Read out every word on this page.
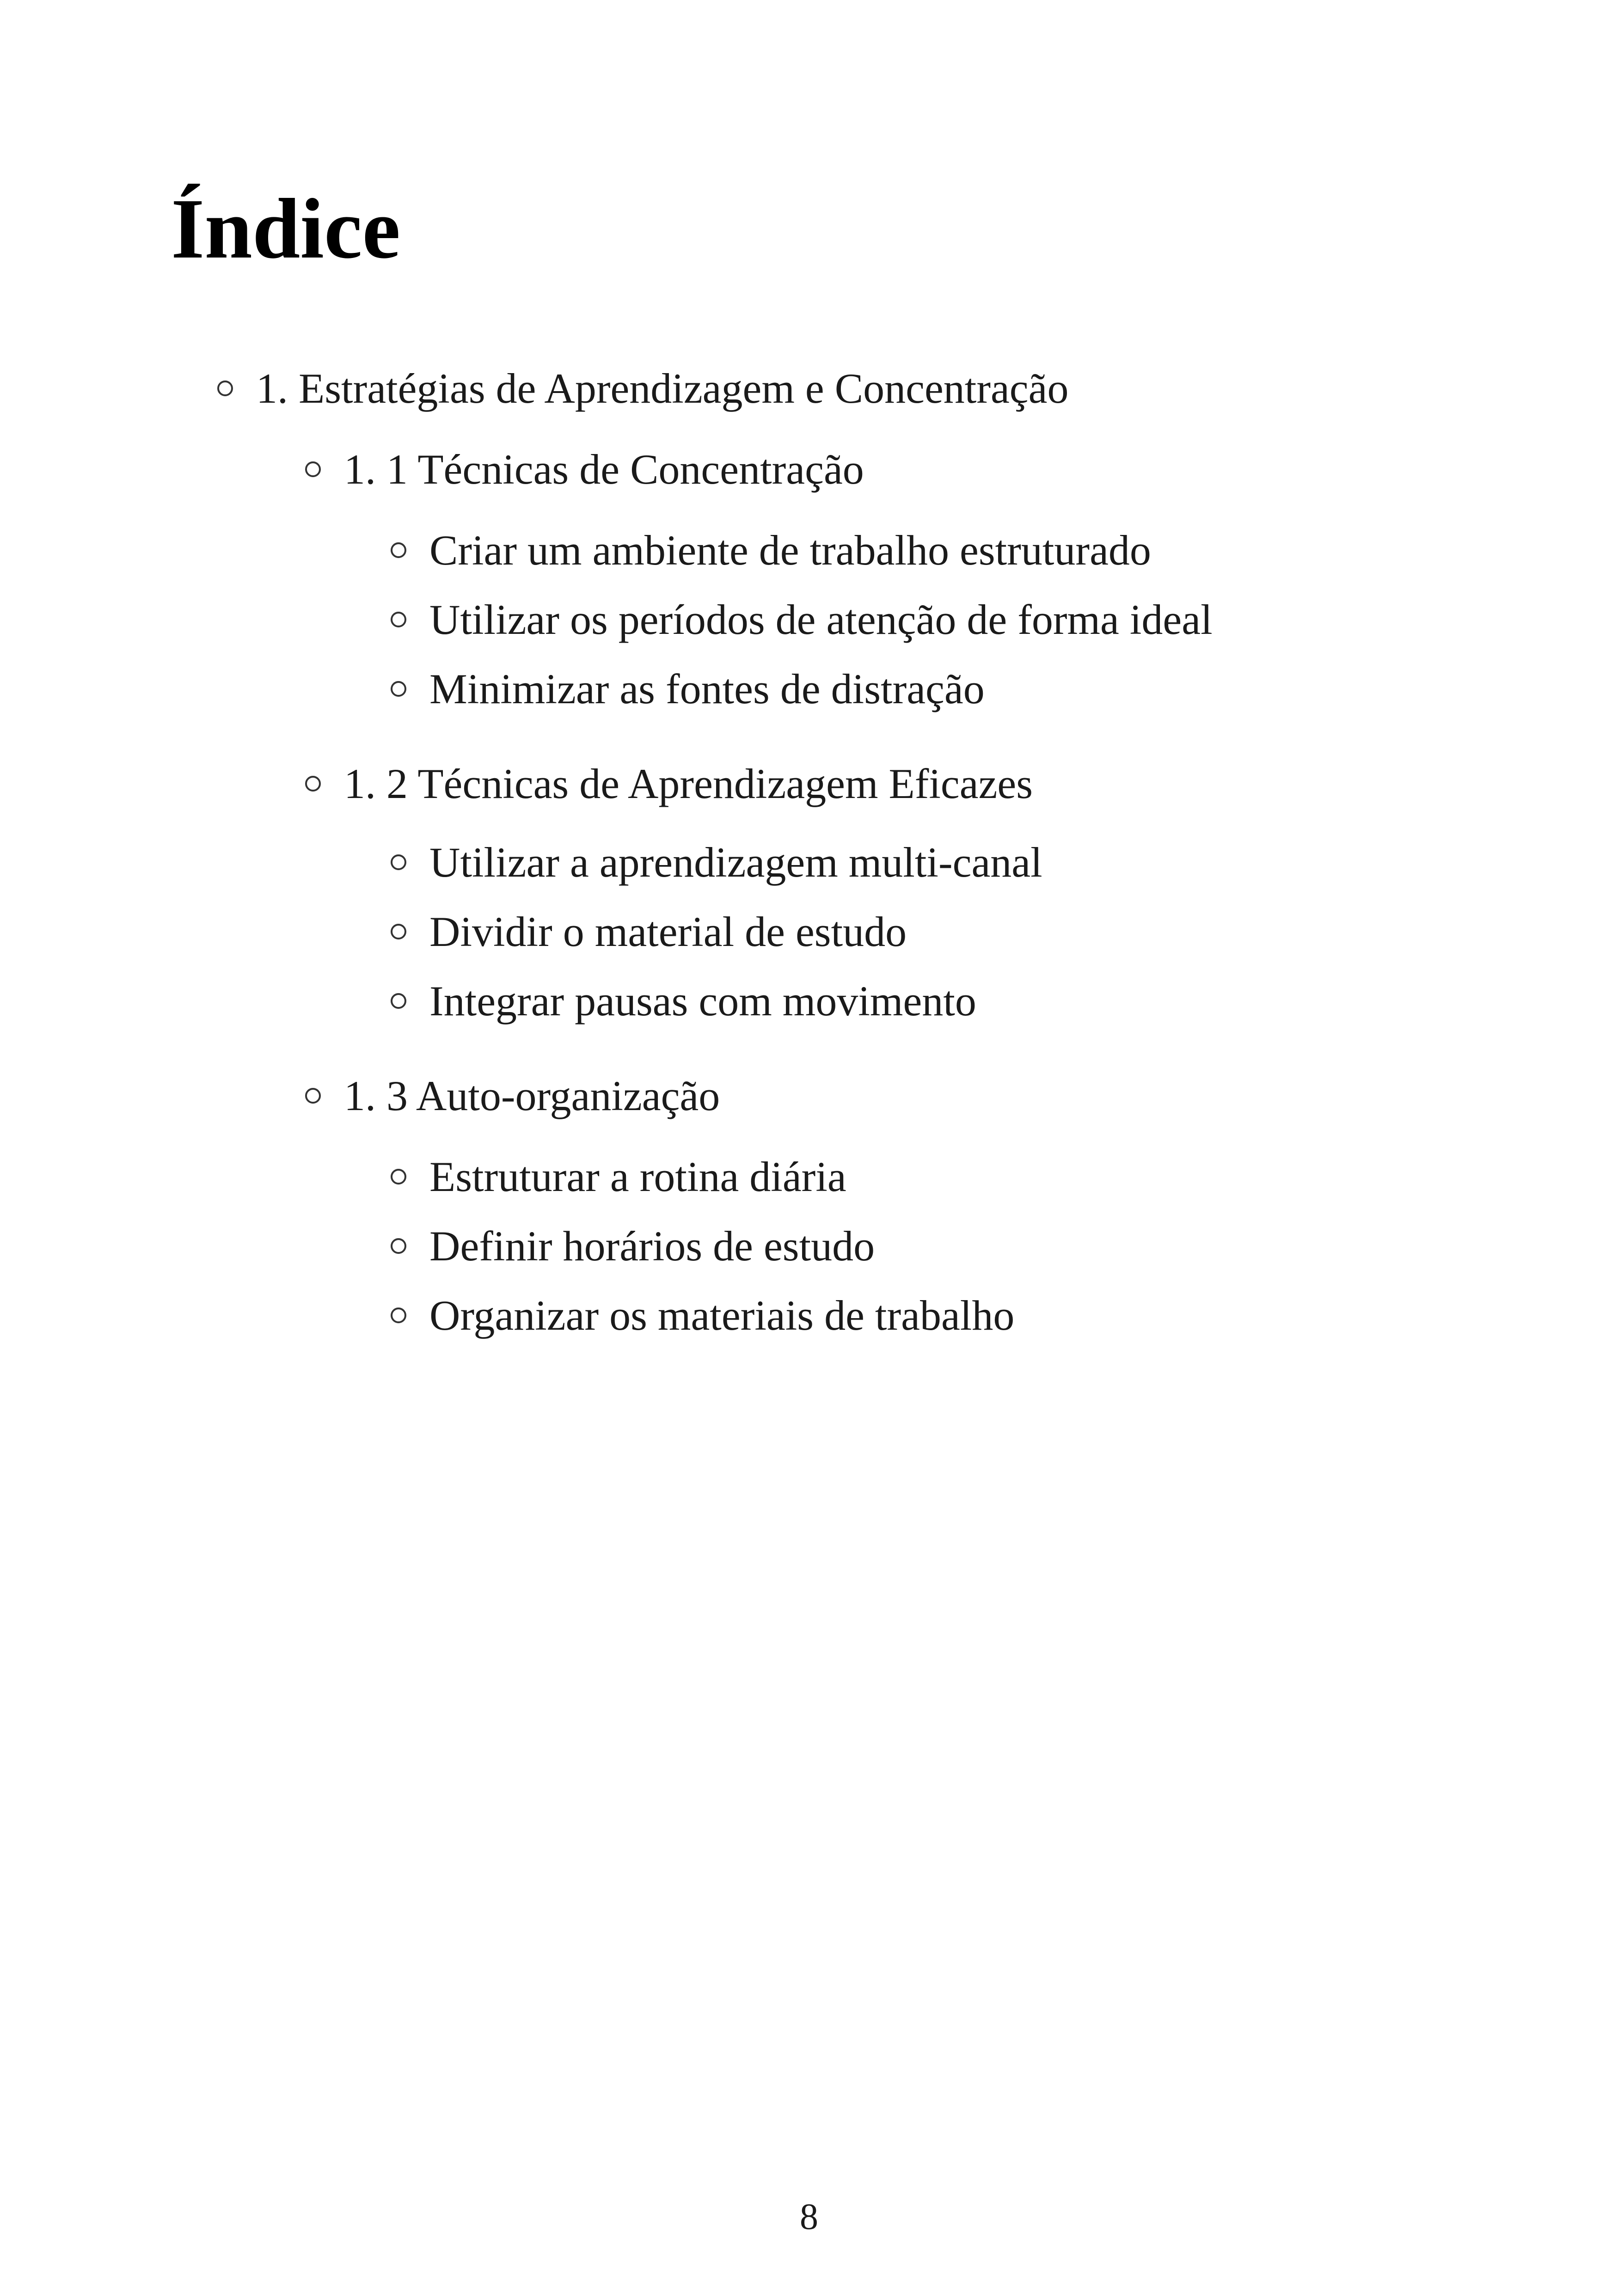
Índice
1. Estratégias de Aprendizagem e Concentração
1. 1 Técnicas de Concentração
Criar um ambiente de trabalho estruturado
Utilizar os períodos de atenção de forma ideal
Minimizar as fontes de distração
1. 2 Técnicas de Aprendizagem Eficazes
Utilizar a aprendizagem multi-canal
Dividir o material de estudo
Integrar pausas com movimento
1. 3 Auto-organização
Estruturar a rotina diária
Definir horários de estudo
Organizar os materiais de trabalho
8
